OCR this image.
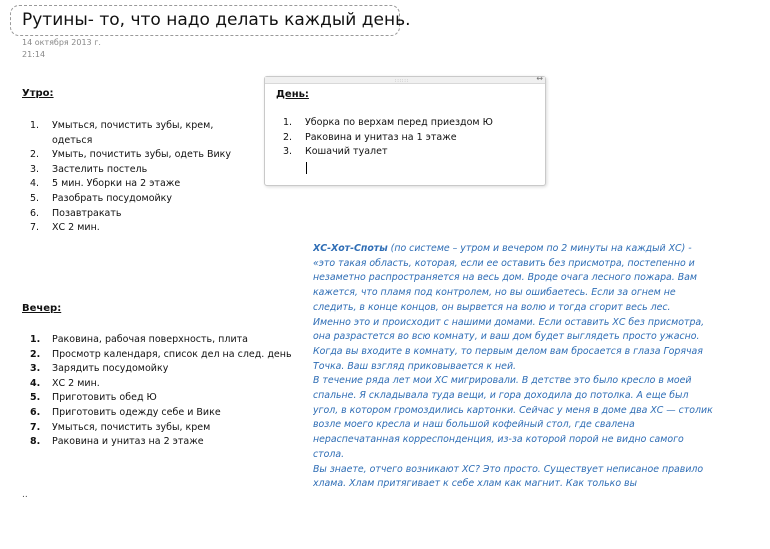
Рутины- то, что надо делать каждый день.
14 октября 2013 г.
21:14
Утро:
1. Умыться, почистить зубы, крем, одеться
2. Умыть, почистить зубы, одеть Вику
3. Застелить постель
4. 5 мин. Уборки на 2 этаже
5. Разобрать посудомойку
6. Позавтракать
7. ХС 2 мин.
::::::	↔
День:
1. Уборка по верхам перед приездом Ю
2. Раковина и унитаз на 1 этаже
3. Кошачий туалет
Вечер:
1. Раковина, рабочая поверхность, плита
2. Просмотр календаря, список дел на след. день
3. Зарядить посудомойку
4. ХС 2 мин.
5. Приготовить обед Ю
6. Приготовить одежду себе и Вике
7. Умыться, почистить зубы, крем
8. Раковина и унитаз на 2 этаже

ХС-Хот-Споты (по системе – утром и вечером по 2 минуты на каждый ХС) - «это такая область, которая, если ее оставить без присмотра, постепенно и незаметно распространяется на весь дом. Вроде очага лесного пожара. Вам кажется, что пламя под контролем, но вы ошибаетесь. Если за огнем не следить, в конце концов, он вырвется на волю и тогда сгорит весь лес.

Именно это и происходит с нашими домами. Если оставить ХС без присмотра, она разрастется во всю комнату, и ваш дом будет выглядеть просто ужасно. Когда вы входите в комнату, то первым делом вам бросается в глаза Горячая Точка. Ваш взгляд приковывается к ней.

В течение ряда лет мои ХС мигрировали. В детстве это было кресло в моей спальне. Я складывала туда вещи, и гора доходила до потолка. А еще был угол, в котором громоздились картонки. Сейчас у меня в доме два ХС — столик возле моего кресла и наш большой кофейный стол, где свалена нераспечатанная корреспонденция, из-за которой порой не видно самого стола.

Вы знаете, отчего возникают ХС? Это просто. Существует неписаное правило хлама. Хлам притягивает к себе хлам как магнит. Как только вы

..
